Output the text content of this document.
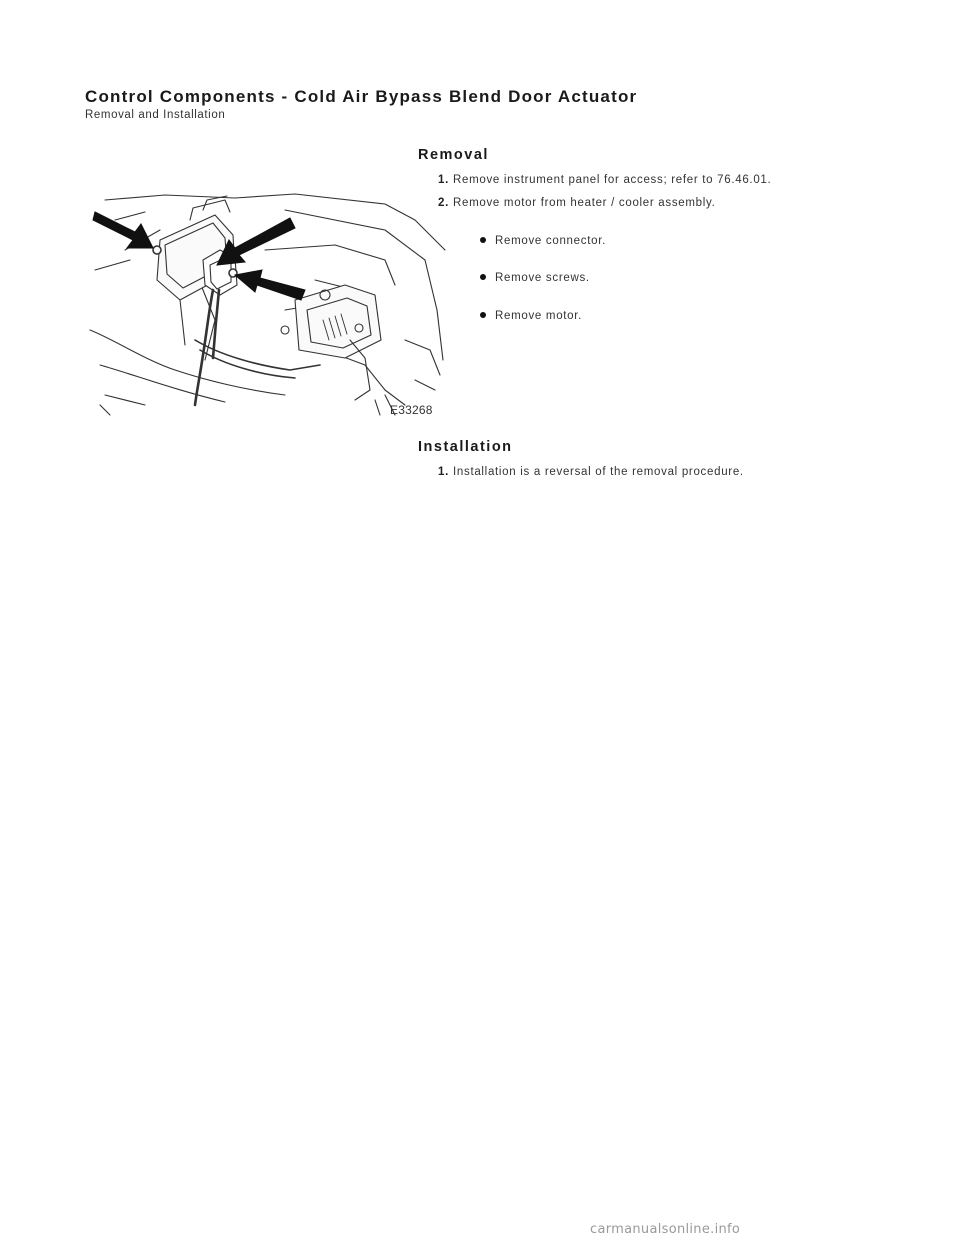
Control Components - Cold Air Bypass Blend Door Actuator
Removal and Installation
Removal
1. Remove instrument panel for access; refer to 76.46.01.
2. Remove motor from heater / cooler assembly.
Remove connector.
Remove screws.
Remove motor.
E33268
Installation
1. Installation is a reversal of the removal procedure.
carmanualsonline.info
